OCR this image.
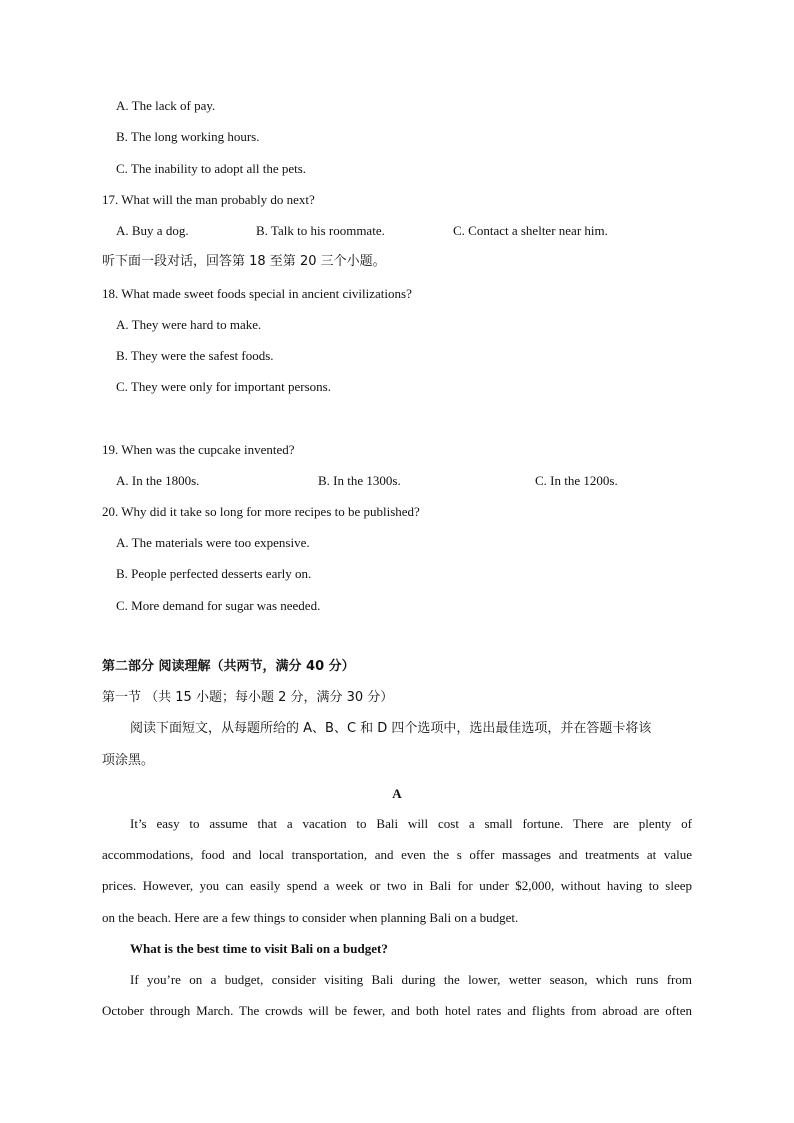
A. The lack of pay.
B. The long working hours.
C. The inability to adopt all the pets.
17. What will the man probably do next?
A. Buy a dog.	B. Talk to his roommate.	C. Contact a shelter near him.
听下面一段对话，回答第 18 至第 20 三个小题。
18. What made sweet foods special in ancient civilizations?
A. They were hard to make.
B. They were the safest foods.
C. They were only for important persons.
19. When was the cupcake invented?
A. In the 1800s.	B. In the 1300s.	C. In the 1200s.
20. Why did it take so long for more recipes to be published?
A. The materials were too expensive.
B. People perfected desserts early on.
C. More demand for sugar was needed.
第二部分 阅读理解（共两节，满分 40 分）
第一节 （共 15 小题；每小题 2 分，满分 30 分）
阅读下面短文，从每题所给的 A、B、C 和 D 四个选项中，选出最佳选项，并在答题卡将该
项涂黑。
A
It’s easy to assume that a vacation to Bali will cost a small fortune. There are plenty of
accommodations, food and local transportation, and even the s offer massages and treatments at value
prices. However, you can easily spend a week or two in Bali for under $2,000, without having to sleep
on the beach. Here are a few things to consider when planning Bali on a budget.
What is the best time to visit Bali on a budget?
If you’re on a budget, consider visiting Bali during the lower, wetter season, which runs from
October through March. The crowds will be fewer, and both hotel rates and flights from abroad are often
